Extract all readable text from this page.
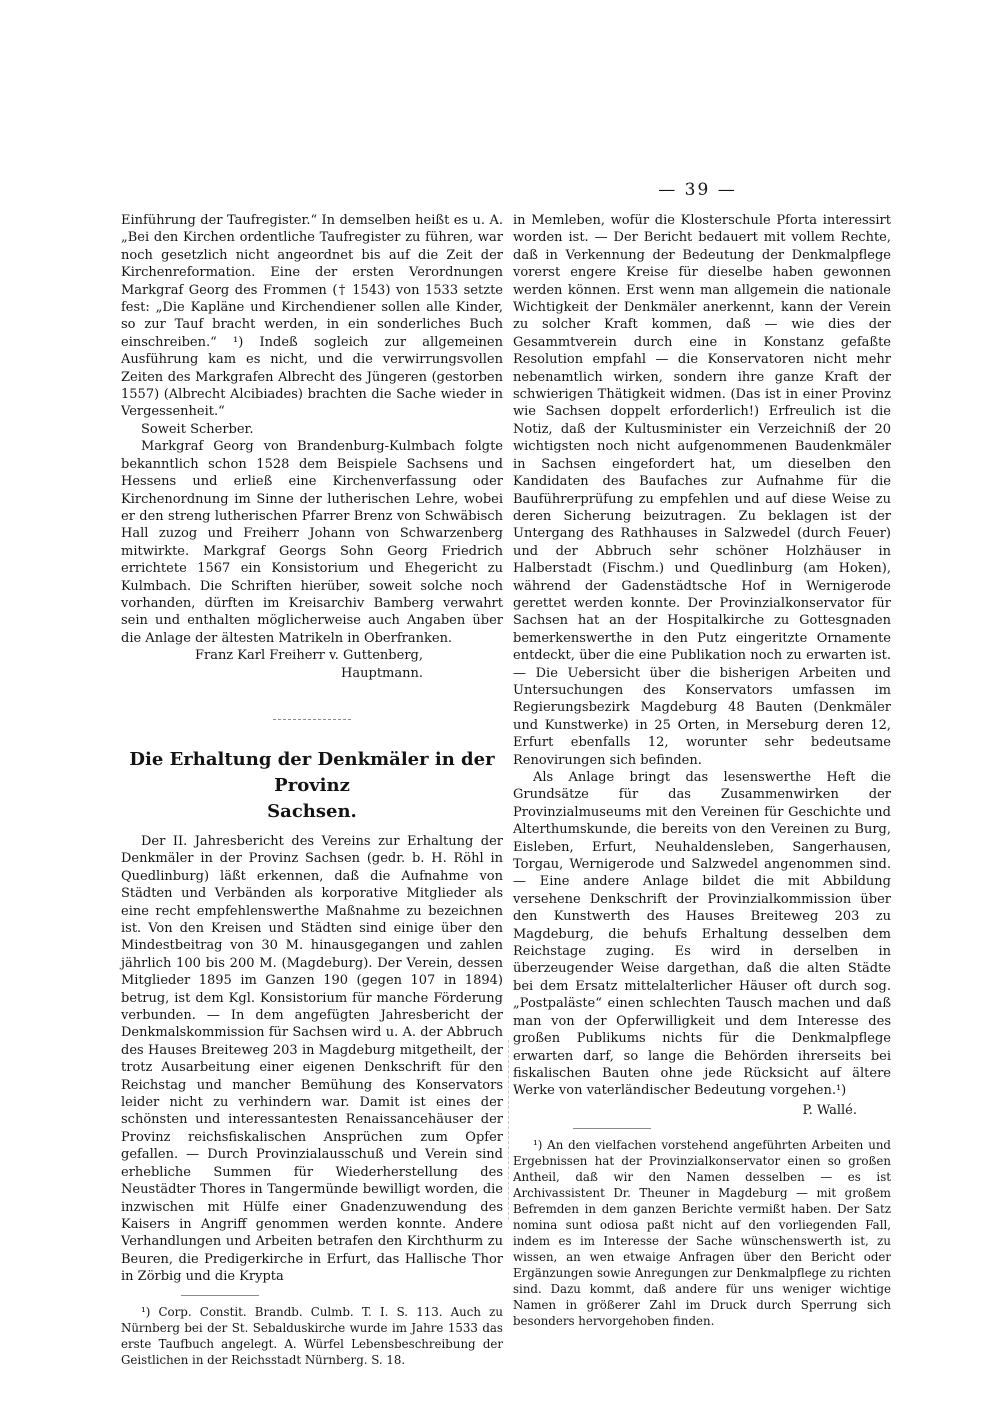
— 39 —

Einführung der Taufregister.“ In demselben heißt es u. A. „Bei den Kirchen ordentliche Taufregister zu führen, war noch gesetzlich nicht angeordnet bis auf die Zeit der Kirchenreformation. Eine der ersten Verordnungen Markgraf Georg des Frommen († 1543) von 1533 setzte fest: „Die Kapläne und Kirchendiener sollen alle Kinder, so zur Tauf bracht werden, in ein sonderliches Buch einschreiben.“ ¹) Indeß sogleich zur allgemeinen Ausführung kam es nicht, und die verwirrungsvollen Zeiten des Markgrafen Albrecht des Jüngeren (gestorben 1557) (Albrecht Alcibiades) brachten die Sache wieder in Vergessenheit.“

Soweit Scherber.

Markgraf Georg von Brandenburg-Kulmbach folgte bekanntlich schon 1528 dem Beispiele Sachsens und Hessens und erließ eine Kirchenverfassung oder Kirchenordnung im Sinne der lutherischen Lehre, wobei er den streng lutherischen Pfarrer Brenz von Schwäbisch Hall zuzog und Freiherr Johann von Schwarzenberg mitwirkte. Markgraf Georgs Sohn Georg Friedrich errichtete 1567 ein Konsistorium und Ehegericht zu Kulmbach. Die Schriften hierüber, soweit solche noch vorhanden, dürften im Kreisarchiv Bamberg verwahrt sein und enthalten möglicherweise auch Angaben über die Anlage der ältesten Matrikeln in Oberfranken.

Franz Karl Freiherr v. Guttenberg, Hauptmann.

Die Erhaltung der Denkmäler in der Provinz
Sachsen.

Der II. Jahresbericht des Vereins zur Erhaltung der Denkmäler in der Provinz Sachsen (gedr. b. H. Röhl in Quedlinburg) läßt erkennen, daß die Aufnahme von Städten und Verbänden als korporative Mitglieder als eine recht empfehlenswerthe Maßnahme zu bezeichnen ist. Von den Kreisen und Städten sind einige über den Mindestbeitrag von 30 M. hinausgegangen und zahlen jährlich 100 bis 200 M. (Magdeburg). Der Verein, dessen Mitglieder 1895 im Ganzen 190 (gegen 107 in 1894) betrug, ist dem Kgl. Konsistorium für manche Förderung verbunden. — In dem angefügten Jahresbericht der Denkmalskommission für Sachsen wird u. A. der Abbruch des Hauses Breiteweg 203 in Magdeburg mitgetheilt, der trotz Ausarbeitung einer eigenen Denkschrift für den Reichstag und mancher Bemühung des Konservators leider nicht zu verhindern war. Damit ist eines der schönsten und interessantesten Renaissancehäuser der Provinz reichsfiskalischen Ansprüchen zum Opfer gefallen. — Durch Provinzialausschuß und Verein sind erhebliche Summen für Wiederherstellung des Neustädter Thores in Tangermünde bewilligt worden, die inzwischen mit Hülfe einer Gnadenzuwendung des Kaisers in Angriff genommen werden konnte. Andere Verhandlungen und Arbeiten betrafen den Kirchthurm zu Beuren, die Predigerkirche in Erfurt, das Hallische Thor in Zörbig und die Krypta

¹) Corp. Constit. Brandb. Culmb. T. I. S. 113. Auch zu Nürnberg bei der St. Sebalduskirche wurde im Jahre 1533 das erste Taufbuch angelegt. A. Würfel Lebensbeschreibung der Geistlichen in der Reichsstadt Nürnberg. S. 18.

in Memleben, wofür die Klosterschule Pforta interessirt worden ist. — Der Bericht bedauert mit vollem Rechte, daß in Verkennung der Bedeutung der Denkmalpflege vorerst engere Kreise für dieselbe haben gewonnen werden können. Erst wenn man allgemein die nationale Wichtigkeit der Denkmäler anerkennt, kann der Verein zu solcher Kraft kommen, daß — wie dies der Gesammtverein durch eine in Konstanz gefaßte Resolution empfahl — die Konservatoren nicht mehr nebenamtlich wirken, sondern ihre ganze Kraft der schwierigen Thätigkeit widmen. (Das ist in einer Provinz wie Sachsen doppelt erforderlich!) Erfreulich ist die Notiz, daß der Kultusminister ein Verzeichniß der 20 wichtigsten noch nicht aufgenommenen Baudenkmäler in Sachsen eingefordert hat, um dieselben den Kandidaten des Baufaches zur Aufnahme für die Bauführerprüfung zu empfehlen und auf diese Weise zu deren Sicherung beizutragen. Zu beklagen ist der Untergang des Rathhauses in Salzwedel (durch Feuer) und der Abbruch sehr schöner Holzhäuser in Halberstadt (Fischm.) und Quedlinburg (am Hoken), während der Gadenstädtsche Hof in Wernigerode gerettet werden konnte. Der Provinzialkonservator für Sachsen hat an der Hospitalkirche zu Gottesgnaden bemerkenswerthe in den Putz eingeritzte Ornamente entdeckt, über die eine Publikation noch zu erwarten ist. — Die Uebersicht über die bisherigen Arbeiten und Untersuchungen des Konservators umfassen im Regierungsbezirk Magdeburg 48 Bauten (Denkmäler und Kunstwerke) in 25 Orten, in Merseburg deren 12, Erfurt ebenfalls 12, worunter sehr bedeutsame Renovirungen sich befinden.

Als Anlage bringt das lesenswerthe Heft die Grundsätze für das Zusammenwirken der Provinzialmuseums mit den Vereinen für Geschichte und Alterthumskunde, die bereits von den Vereinen zu Burg, Eisleben, Erfurt, Neuhaldensleben, Sangerhausen, Torgau, Wernigerode und Salzwedel angenommen sind. — Eine andere Anlage bildet die mit Abbildung versehene Denkschrift der Provinzialkommission über den Kunstwerth des Hauses Breiteweg 203 zu Magdeburg, die behufs Erhaltung desselben dem Reichstage zuging. Es wird in derselben in überzeugender Weise dargethan, daß die alten Städte bei dem Ersatz mittelalterlicher Häuser oft durch sog. „Postpaläste“ einen schlechten Tausch machen und daß man von der Opferwilligkeit und dem Interesse des großen Publikums nichts für die Denkmalpflege erwarten darf, so lange die Behörden ihrerseits bei fiskalischen Bauten ohne jede Rücksicht auf ältere Werke von vaterländischer Bedeutung vorgehen.¹)

P. Wallé.

¹) An den vielfachen vorstehend angeführten Arbeiten und Ergebnissen hat der Provinzialkonservator einen so großen Antheil, daß wir den Namen desselben — es ist Archivassistent Dr. Theuner in Magdeburg — mit großem Befremden in dem ganzen Berichte vermißt haben. Der Satz nomina sunt odiosa paßt nicht auf den vorliegenden Fall, indem es im Interesse der Sache wünschenswerth ist, zu wissen, an wen etwaige Anfragen über den Bericht oder Ergänzungen sowie Anregungen zur Denkmalpflege zu richten sind. Dazu kommt, daß andere für uns weniger wichtige Namen in größerer Zahl im Druck durch Sperrung sich besonders hervorgehoben finden.
